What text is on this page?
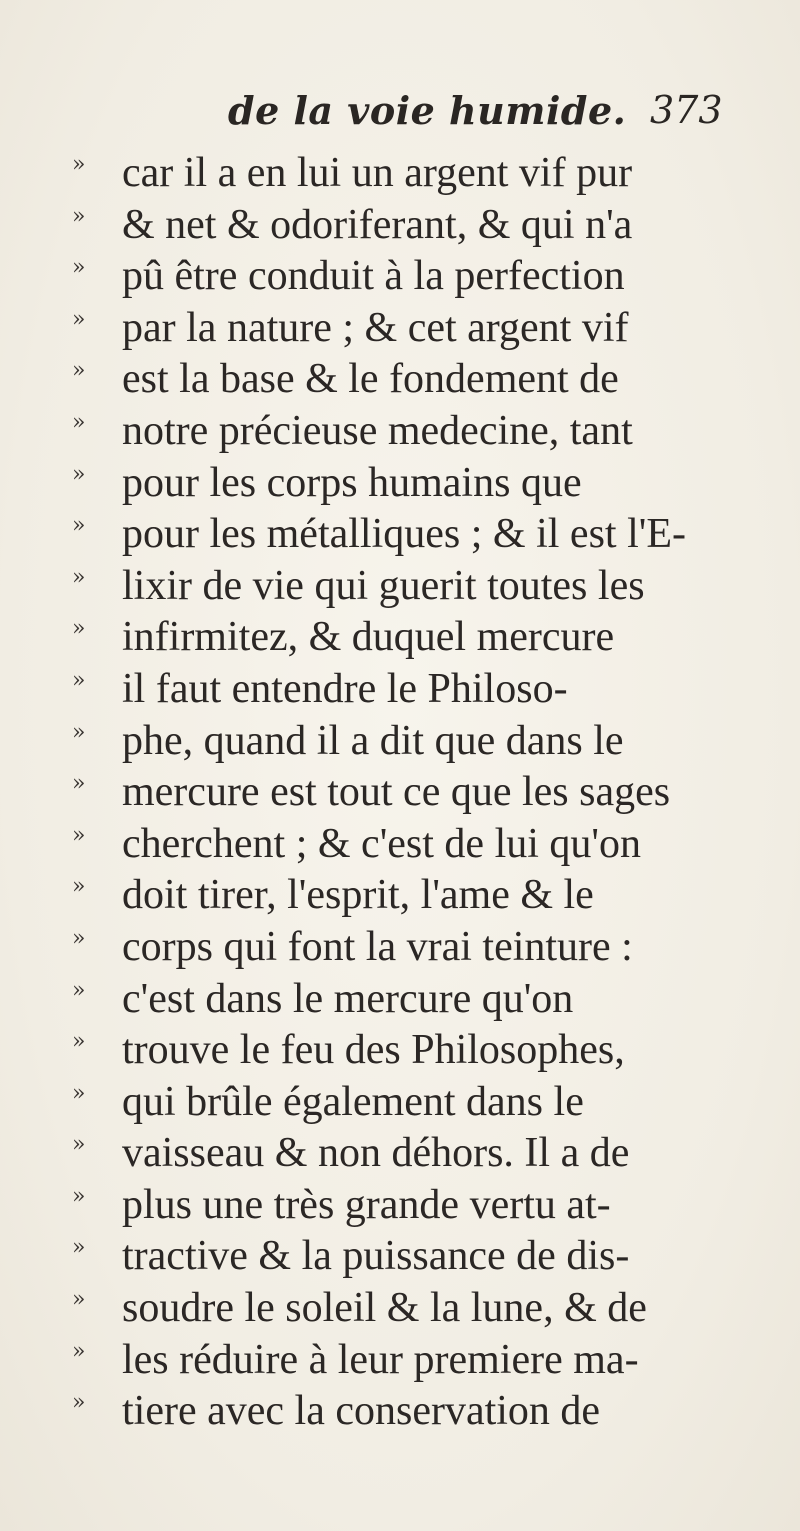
de la voie humide. 373
» car il a en lui un argent vif pur
» & net & odoriferant, & qui n'a
» pû être conduit à la perfection
» par la nature ; & cet argent vif
» est la base & le fondement de
» notre précieuse medecine, tant
» pour les corps humains que
» pour les métalliques ; & il est l'E-
» lixir de vie qui guerit toutes les
» infirmitez, & duquel mercure
» il faut entendre le Philoso-
» phe, quand il a dit que dans le
» mercure est tout ce que les sages
» cherchent ; & c'est de lui qu'on
» doit tirer, l'esprit, l'ame & le
» corps qui font la vrai teinture :
» c'est dans le mercure qu'on
» trouve le feu des Philosophes,
» qui brûle également dans le
» vaisseau & non déhors. Il a de
» plus une très grande vertu at-
» tractive & la puissance de dis-
» soudre le soleil & la lune, & de
» les réduire à leur premiere ma-
» tiere avec la conservation de
